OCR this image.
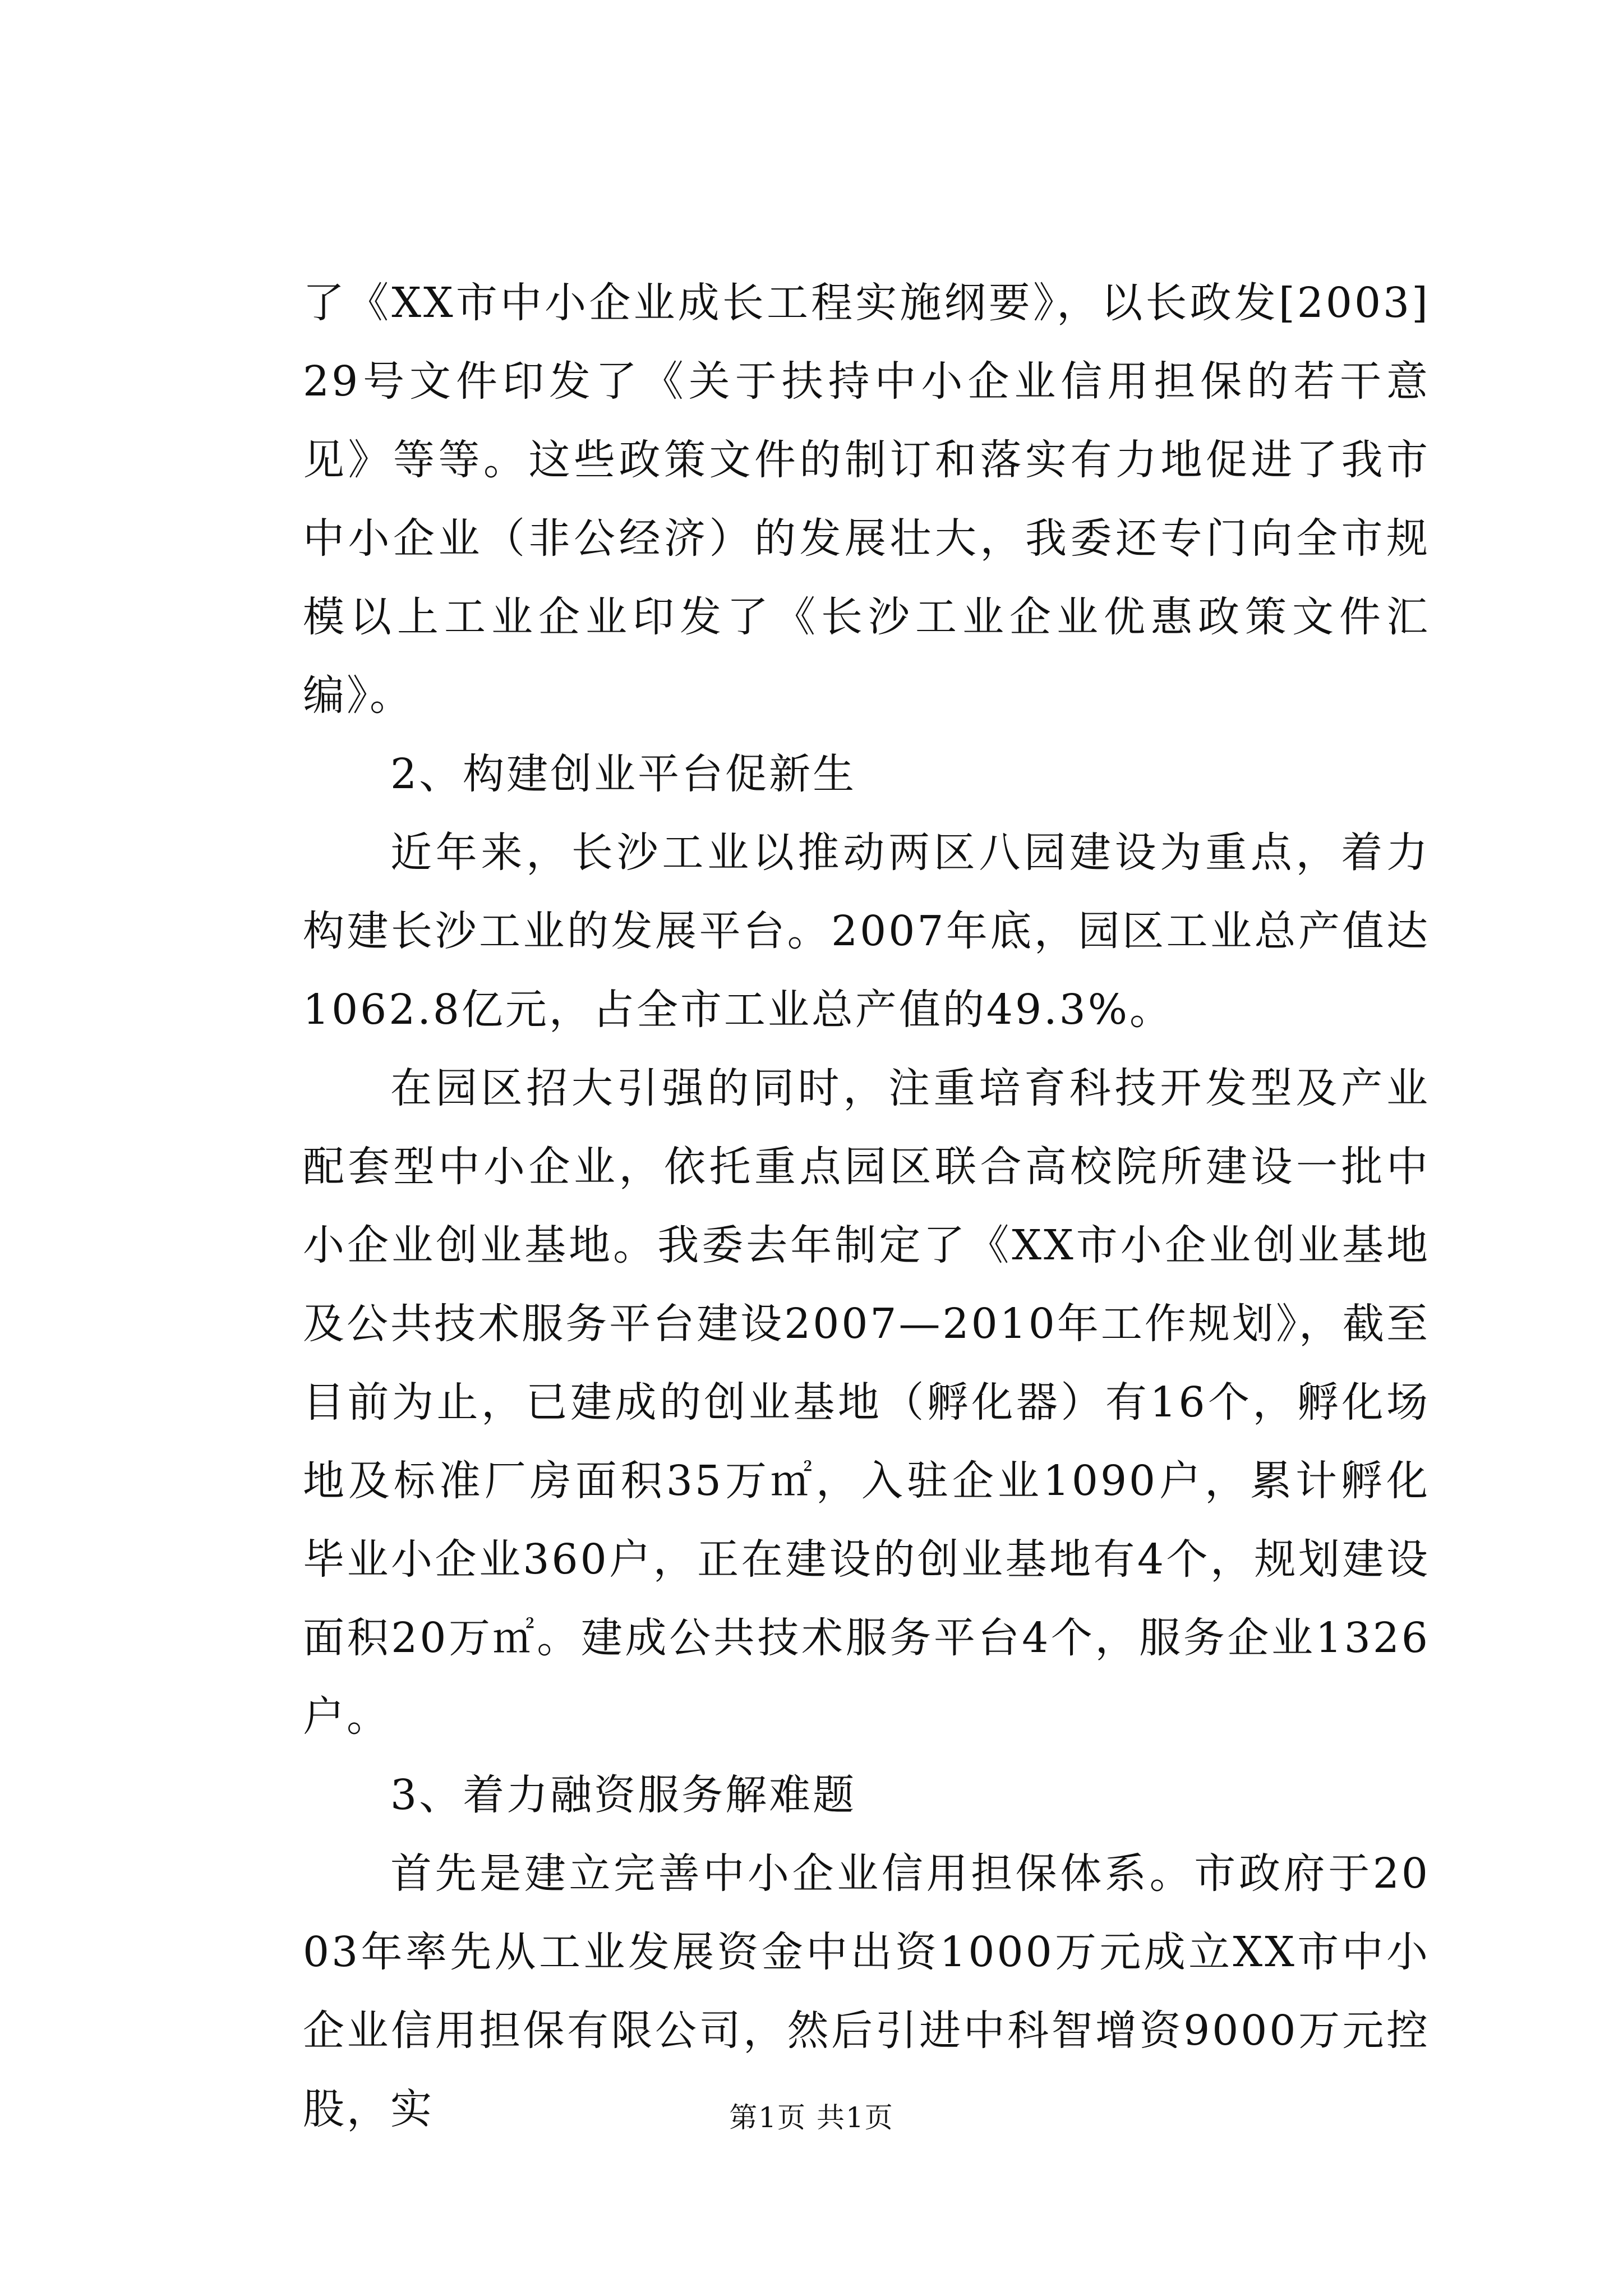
了《XX市中小企业成长工程实施纲要》，以长政发[2003]29号文件印发了《关于扶持中小企业信用担保的若干意见》等等。这些政策文件的制订和落实有力地促进了我市中小企业（非公经济）的发展壮大，我委还专门向全市规模以上工业企业印发了《长沙工业企业优惠政策文件汇编》。

2、构建创业平台促新生

近年来，长沙工业以推动两区八园建设为重点，着力构建长沙工业的发展平台。2007年底，园区工业总产值达1062.8亿元，占全市工业总产值的49.3%。

在园区招大引强的同时，注重培育科技开发型及产业配套型中小企业，依托重点园区联合高校院所建设一批中小企业创业基地。我委去年制定了《XX市小企业创业基地及公共技术服务平台建设2007—2010年工作规划》，截至目前为止，已建成的创业基地（孵化器）有16个，孵化场地及标准厂房面积35万㎡，入驻企业1090户，累计孵化毕业小企业360户，正在建设的创业基地有4个，规划建设面积20万㎡。建成公共技术服务平台4个，服务企业1326户。

3、着力融资服务解难题

首先是建立完善中小企业信用担保体系。市政府于2003年率先从工业发展资金中出资1000万元成立XX市中小企业信用担保有限公司，然后引进中科智增资9000万元控股，实	第1页 共1页
